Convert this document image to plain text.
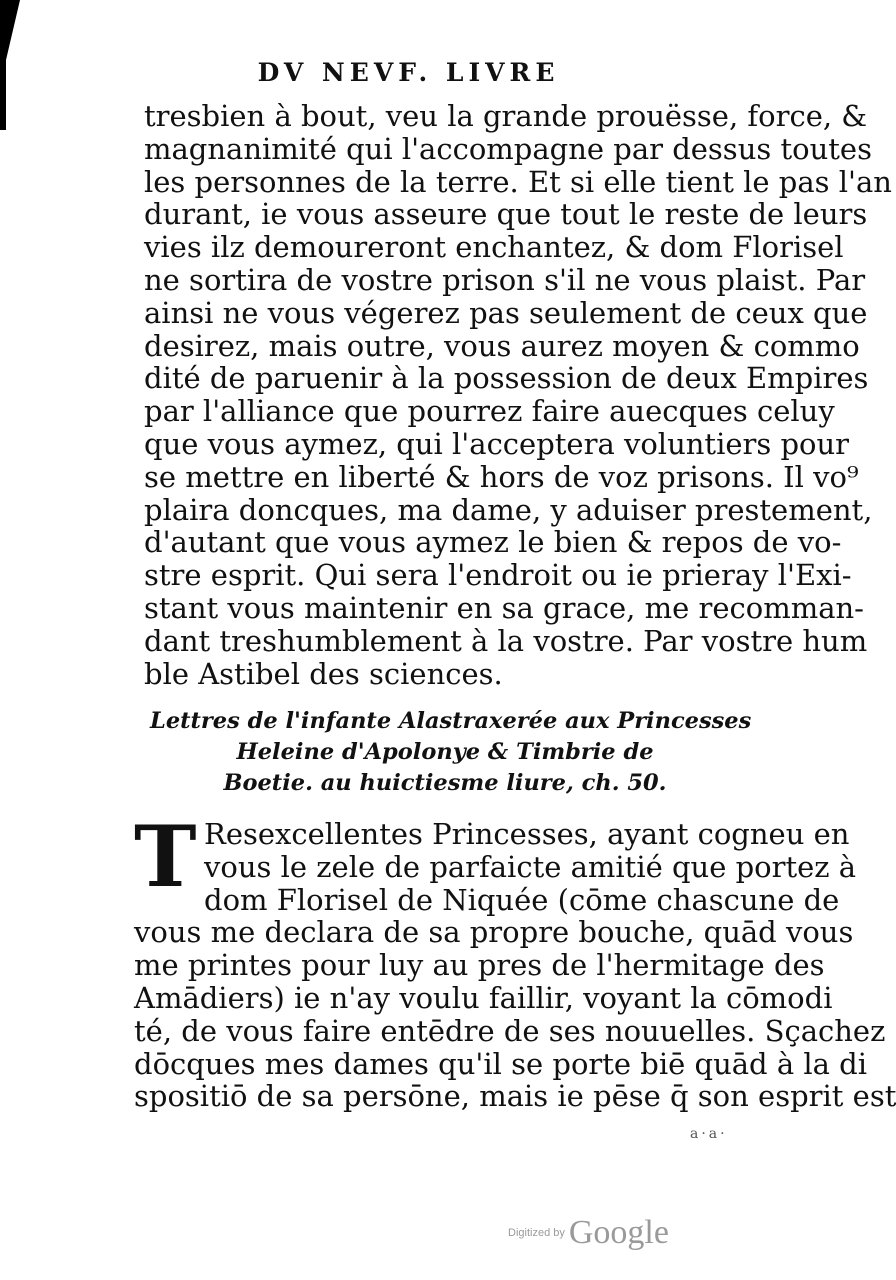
DV NEVF. LIVRE
tresbien à bout, veu la grande prouësse, force, &
magnanimité qui l'accompagne par dessus toutes
les personnes de la terre. Et si elle tient le pas l'an
durant, ie vous asseure que tout le reste de leurs
vies ilz demoureront enchantez, & dom Florisel
ne sortira de vostre prison s'il ne vous plaist. Par
ainsi ne vous végerez pas seulement de ceux que
desirez, mais outre, vous aurez moyen & commo
dité de paruenir à la possession de deux Empires
par l'alliance que pourrez faire auecques celuy
que vous aymez, qui l'acceptera voluntiers pour
se mettre en liberté & hors de voz prisons. Il vo⁹
plaira doncques, ma dame, y aduiser prestement,
d'autant que vous aymez le bien & repos de vo-
stre esprit. Qui sera l'endroit ou ie prieray l'Exi-
stant vous maintenir en sa grace, me recomman-
dant treshumblement à la vostre. Par vostre hum
ble Astibel des sciences.
Lettres de l'infante Alastraxerée aux Princesses
Heleine d'Apolonye & Timbrie de
Boetie. au huictiesme liure, ch. 50.
T Resexcellentes Princesses, ayant cogneu en
vous le zele de parfaicte amitié que portez à
dom Florisel de Niquée (cōme chascune de
vous me declara de sa propre bouche, quād vous
me printes pour luy au pres de l'hermitage des
Amādiers) ie n'ay voulu faillir, voyant la cōmodi
té, de vous faire entēdre de ses nouuelles. Sçachez
dōcques mes dames qu'il se porte biē quād à la di
spositiō de sa persōne, mais ie pēse q̄ son esprit est
a·a·
Digitized by Google
